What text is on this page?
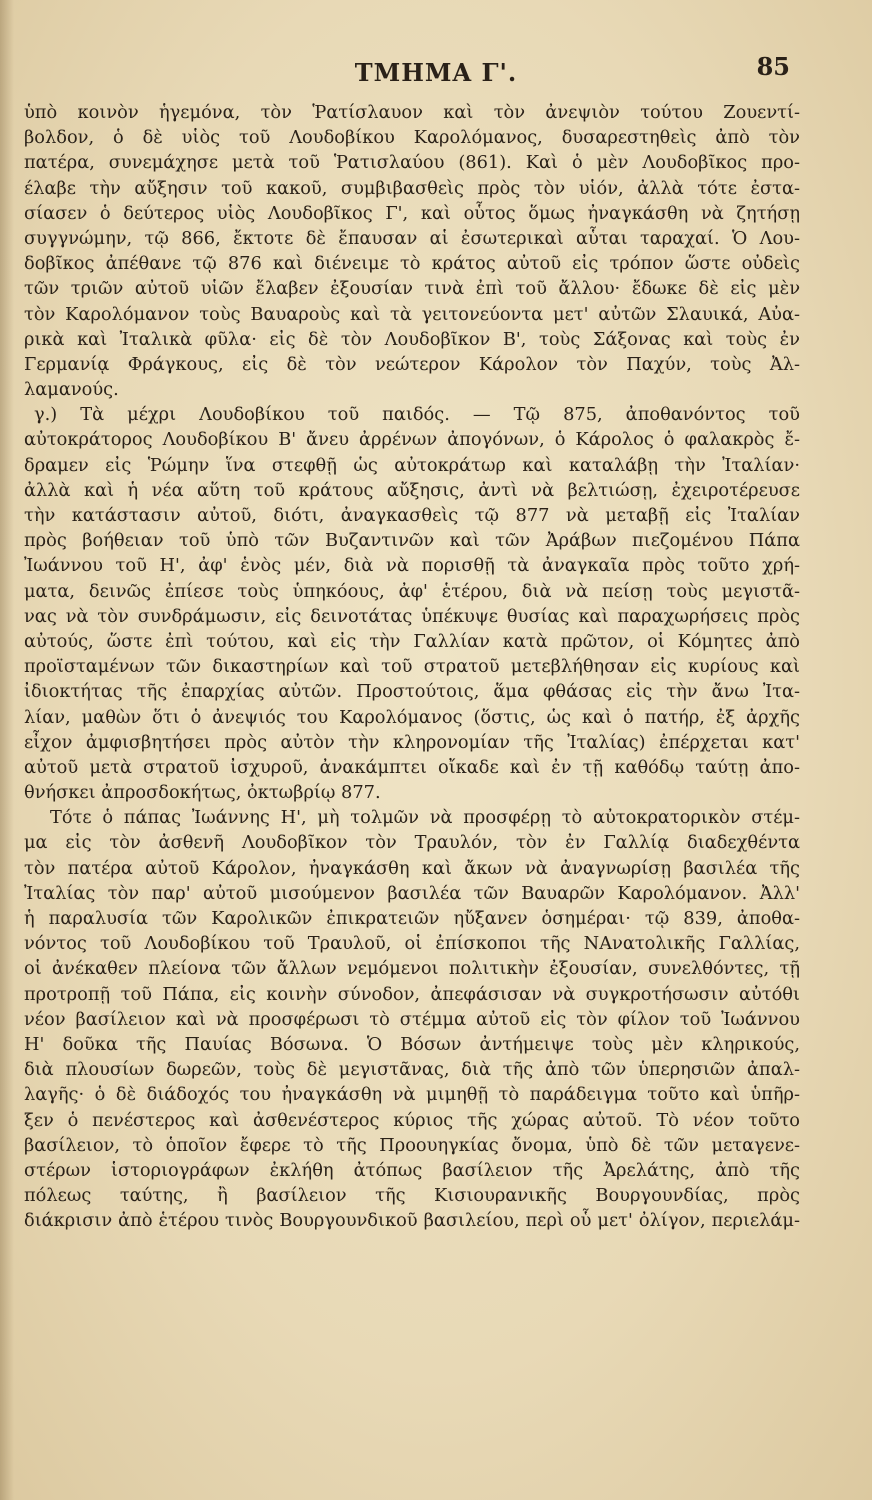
ΤΜΗΜΑ Γ'.	85
ὑπὸ κοινὸν ἡγεμόνα, τὸν Ῥατίσλαυον καὶ τὸν ἀνεψιὸν τούτου Ζουεντί-
βολδον, ὁ δὲ υἱὸς τοῦ Λουδοβίκου Καρολόμανος, δυσαρεστηθεὶς ἀπὸ τὸν
πατέρα, συνεμάχησε μετὰ τοῦ Ῥατισλαύου (861). Καὶ ὁ μὲν Λουδοβῖκος προ-
έλαβε τὴν αὔξησιν τοῦ κακοῦ, συμβιβασθεὶς πρὸς τὸν υἱόν, ἀλλὰ τότε ἐστα-
σίασεν ὁ δεύτερος υἱὸς Λουδοβῖκος Γ', καὶ οὗτος ὅμως ἠναγκάσθη νὰ ζητήσῃ
συγγνώμην, τῷ 866, ἔκτοτε δὲ ἔπαυσαν αἱ ἐσωτερικαὶ αὗται ταραχαί. Ὁ Λου-
δοβῖκος ἀπέθανε τῷ 876 καὶ διένειμε τὸ κράτος αὐτοῦ εἰς τρόπον ὥστε οὐδεὶς
τῶν τριῶν αὐτοῦ υἱῶν ἔλαβεν ἐξουσίαν τινὰ ἐπὶ τοῦ ἄλλου· ἔδωκε δὲ εἰς μὲν
τὸν Καρολόμανον τοὺς Βαυαροὺς καὶ τὰ γειτονεύοντα μετ' αὐτῶν Σλαυικά, Αὐα-
ρικὰ καὶ Ἰταλικὰ φῦλα· εἰς δὲ τὸν Λουδοβῖκον Β', τοὺς Σάξονας καὶ τοὺς ἐν
Γερμανίᾳ Φράγκους, εἰς δὲ τὸν νεώτερον Κάρολον τὸν Παχύν, τοὺς Ἀλ-
λαμανούς.
γ.) Τὰ μέχρι Λουδοβίκου τοῦ παιδός. — Τῷ 875, ἀποθανόντος τοῦ
αὐτοκράτορος Λουδοβίκου Β' ἄνευ ἀρρένων ἀπογόνων, ὁ Κάρολος ὁ φαλακρὸς ἔ-
δραμεν εἰς Ῥώμην ἵνα στεφθῇ ὡς αὐτοκράτωρ καὶ καταλάβῃ τὴν Ἰταλίαν·
ἀλλὰ καὶ ἡ νέα αὕτη τοῦ κράτους αὔξησις, ἀντὶ νὰ βελτιώσῃ, ἐχειροτέρευσε
τὴν κατάστασιν αὐτοῦ, διότι, ἀναγκασθεὶς τῷ 877 νὰ μεταβῇ εἰς Ἰταλίαν
πρὸς βοήθειαν τοῦ ὑπὸ τῶν Βυζαντινῶν καὶ τῶν Ἀράβων πιεζομένου Πάπα
Ἰωάννου τοῦ Η', ἀφ' ἑνὸς μέν, διὰ νὰ πορισθῇ τὰ ἀναγκαῖα πρὸς τοῦτο χρή-
ματα, δεινῶς ἐπίεσε τοὺς ὑπηκόους, ἀφ' ἑτέρου, διὰ νὰ πείσῃ τοὺς μεγιστᾶ-
νας νὰ τὸν συνδράμωσιν, εἰς δεινοτάτας ὑπέκυψε θυσίας καὶ παραχωρήσεις πρὸς
αὐτούς, ὥστε ἐπὶ τούτου, καὶ εἰς τὴν Γαλλίαν κατὰ πρῶτον, οἱ Κόμητες ἀπὸ
προϊσταμένων τῶν δικαστηρίων καὶ τοῦ στρατοῦ μετεβλήθησαν εἰς κυρίους καὶ
ἰδιοκτήτας τῆς ἐπαρχίας αὐτῶν. Προστούτοις, ἅμα φθάσας εἰς τὴν ἄνω Ἰτα-
λίαν, μαθὼν ὅτι ὁ ἀνεψιός του Καρολόμανος (ὅστις, ὡς καὶ ὁ πατήρ, ἐξ ἀρχῆς
εἶχον ἀμφισβητήσει πρὸς αὐτὸν τὴν κληρονομίαν τῆς Ἰταλίας) ἐπέρχεται κατ'
αὐτοῦ μετὰ στρατοῦ ἰσχυροῦ, ἀνακάμπτει οἴκαδε καὶ ἐν τῇ καθόδῳ ταύτῃ ἀπο-
θνήσκει ἀπροσδοκήτως, ὀκτωβρίῳ 877.
Τότε ὁ πάπας Ἰωάννης Η', μὴ τολμῶν νὰ προσφέρῃ τὸ αὐτοκρατορικὸν στέμ-
μα εἰς τὸν ἀσθενῆ Λουδοβῖκον τὸν Τραυλόν, τὸν ἐν Γαλλίᾳ διαδεχθέντα
τὸν πατέρα αὐτοῦ Κάρολον, ἠναγκάσθη καὶ ἄκων νὰ ἀναγνωρίσῃ βασιλέα τῆς
Ἰταλίας τὸν παρ' αὐτοῦ μισούμενον βασιλέα τῶν Βαυαρῶν Καρολόμανον. Ἀλλ'
ἡ παραλυσία τῶν Καρολικῶν ἐπικρατειῶν ηὔξανεν ὁσημέραι· τῷ 839, ἀποθα-
νόντος τοῦ Λουδοβίκου τοῦ Τραυλοῦ, οἱ ἐπίσκοποι τῆς ΝΑνατολικῆς Γαλλίας,
οἱ ἀνέκαθεν πλείονα τῶν ἄλλων νεμόμενοι πολιτικὴν ἐξουσίαν, συνελθόντες, τῇ
προτροπῇ τοῦ Πάπα, εἰς κοινὴν σύνοδον, ἀπεφάσισαν νὰ συγκροτήσωσιν αὐτόθι
νέον βασίλειον καὶ νὰ προσφέρωσι τὸ στέμμα αὐτοῦ εἰς τὸν φίλον τοῦ Ἰωάννου
Η' δοῦκα τῆς Παυίας Βόσωνα. Ὁ Βόσων ἀντήμειψε τοὺς μὲν κληρικούς,
διὰ πλουσίων δωρεῶν, τοὺς δὲ μεγιστᾶνας, διὰ τῆς ἀπὸ τῶν ὑπερησιῶν ἀπαλ-
λαγῆς· ὁ δὲ διάδοχός του ἠναγκάσθη νὰ μιμηθῇ τὸ παράδειγμα τοῦτο καὶ ὑπῆρ-
ξεν ὁ πενέστερος καὶ ἀσθενέστερος κύριος τῆς χώρας αὐτοῦ. Τὸ νέον τοῦτο
βασίλειον, τὸ ὁποῖον ἔφερε τὸ τῆς Προουηγκίας ὄνομα, ὑπὸ δὲ τῶν μεταγενε-
στέρων ἱστοριογράφων ἐκλήθη ἀτόπως βασίλειον τῆς Ἀρελάτης, ἀπὸ τῆς
πόλεως ταύτης, ἢ βασίλειον τῆς Κισιουρανικῆς Βουργουνδίας, πρὸς
διάκρισιν ἀπὸ ἑτέρου τινὸς Βουργουνδικοῦ βασιλείου, περὶ οὗ μετ' ὀλίγον, περιελάμ-
